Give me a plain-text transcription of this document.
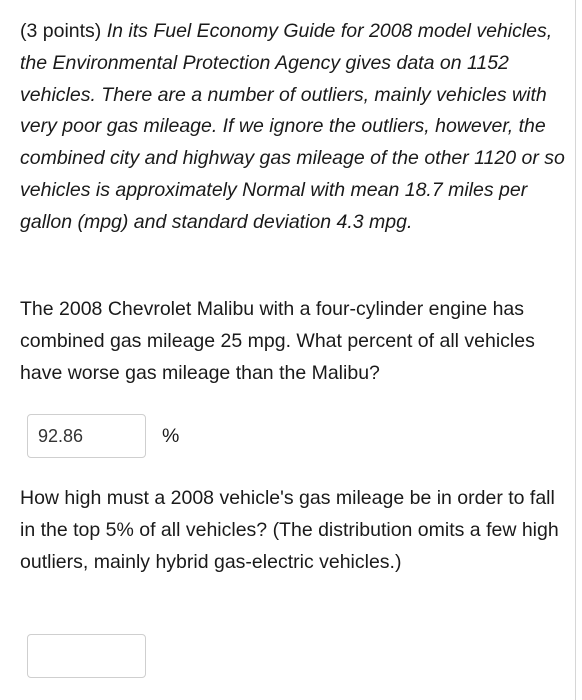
(3 points) In its Fuel Economy Guide for 2008 model vehicles, the Environmental Protection Agency gives data on 1152 vehicles. There are a number of outliers, mainly vehicles with very poor gas mileage. If we ignore the outliers, however, the combined city and highway gas mileage of the other 1120 or so vehicles is approximately Normal with mean 18.7 miles per gallon (mpg) and standard deviation 4.3 mpg.

The 2008 Chevrolet Malibu with a four-cylinder engine has combined gas mileage 25 mpg. What percent of all vehicles have worse gas mileage than the Malibu?

92.86	%

How high must a 2008 vehicle's gas mileage be in order to fall in the top 5% of all vehicles? (The distribution omits a few high outliers, mainly hybrid gas-electric vehicles.)
